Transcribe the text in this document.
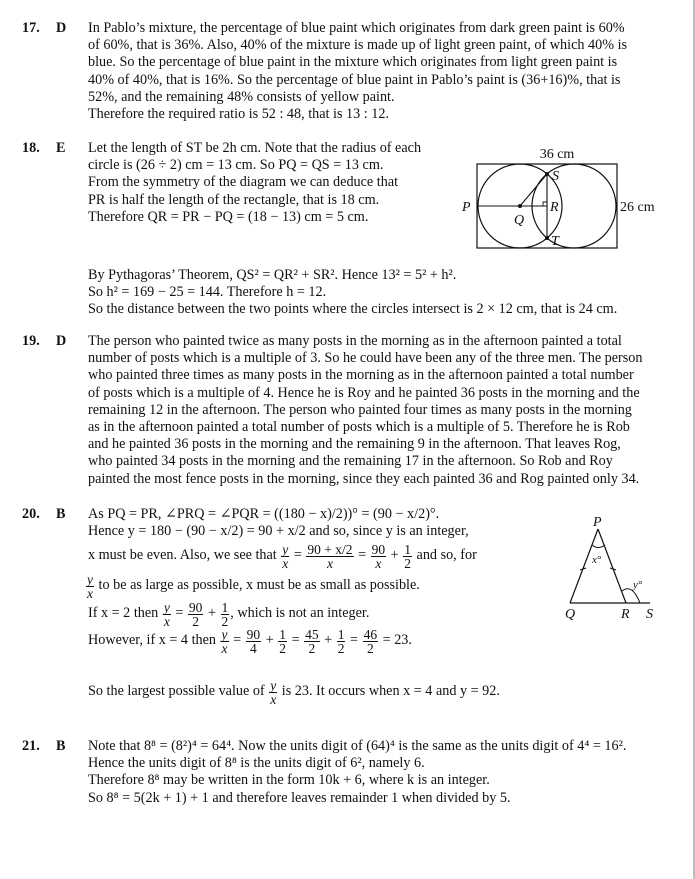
17. D In Pablo’s mixture, the percentage of blue paint which originates from dark green paint is 60%
of 60%, that is 36%. Also, 40% of the mixture is made up of light green paint, of which 40% is
blue. So the percentage of blue paint in the mixture which originates from light green paint is
40% of 40%, that is 16%. So the percentage of blue paint in Pablo’s paint is (36+16)%, that is
52%, and the remaining 48% consists of yellow paint.
Therefore the required ratio is 52 : 48, that is 13 : 12.
18. E Let the length of ST be 2h cm. Note that the radius of each
circle is (26 ÷ 2) cm = 13 cm. So PQ = QS = 13 cm.
From the symmetry of the diagram we can deduce that
PR is half the length of the rectangle, that is 18 cm.
Therefore QR = PR − PQ = (18 − 13) cm = 5 cm.
By Pythagoras’ Theorem, QS² = QR² + SR². Hence 13² = 5² + h².
So h² = 169 − 25 = 144. Therefore h = 12.
So the distance between the two points where the circles intersect is 2 × 12 cm, that is 24 cm.
36 cm
P
Q
R
S
T
26 cm
19. D The person who painted twice as many posts in the morning as in the afternoon painted a total
number of posts which is a multiple of 3. So he could have been any of the three men. The person
who painted three times as many posts in the morning as in the afternoon painted a total number
of posts which is a multiple of 4. Hence he is Roy and he painted 36 posts in the morning and the
remaining 12 in the afternoon. The person who painted four times as many posts in the morning
as in the afternoon painted a total number of posts which is a multiple of 5. Therefore he is Rob
and he painted 36 posts in the morning and the remaining 9 in the afternoon. That leaves Rog,
who painted 34 posts in the morning and the remaining 17 in the afternoon. So Rob and Roy
painted the most fence posts in the morning, since they each painted 36 and Rog painted only 34.
20. B As PQ = PR, ∠PRQ = ∠PQR = ((180 − x)/2))° = (90 − x/2)°.
Hence y = 180 − (90 − x/2) = 90 + x/2 and so, since y is an integer,
x must be even. Also, we see that $\frac{y}{x} = \frac{90 + x/2}{x} = \frac{90}{x} + \frac{1}{2}$ and so, for
$\frac{y}{x}$ to be as large as possible, x must be as small as possible.
If x = 2 then $\frac{y}{x} = \frac{90}{2} + \frac{1}{2}$ , which is not an integer.
However, if x = 4 then $\frac{y}{x} = \frac{90}{4} + \frac{1}{2} = \frac{45}{2} + \frac{1}{2} = \frac{46}{2} = 23$.
So the largest possible value of $\frac{y}{x}$ is 23. It occurs when x = 4 and y = 92.
P
Q	R S
x°
y°
21. B Note that 8⁸ = (8²)⁴ = 64⁴. Now the units digit of (64)⁴ is the same as the units digit of 4⁴ = 16².
Hence the units digit of 8⁸ is the units digit of 6², namely 6.
Therefore 8⁸ may be written in the form 10k + 6, where k is an integer.
So 8⁸ = 5(2k + 1) + 1 and therefore leaves remainder 1 when divided by 5.
